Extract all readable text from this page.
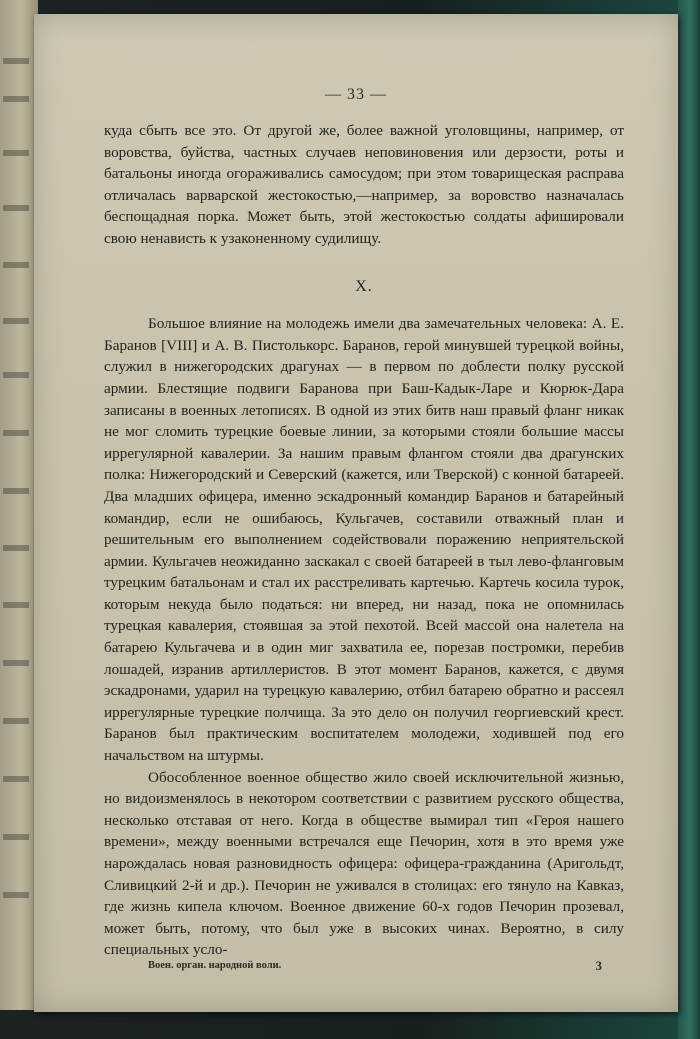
— 33 —

куда сбыть все это. От другой же, более важной уголовщины, например, от воровства, буйства, частных случаев неповиновения или дерзости, роты и батальоны иногда огораживались самосудом; при этом товарищеская расправа отличалась варварской жестокостью,—например, за воровство назначалась беспощадная порка. Может быть, этой жестокостью солдаты афишировали свою ненависть к узаконенному судилищу.

X.

Большое влияние на молодежь имели два замечательных человека: А. Е. Баранов [VIII] и А. В. Пистолькорс. Баранов, герой минувшей турецкой войны, служил в нижегородских драгунах — в первом по доблести полку русской армии. Блестящие подвиги Баранова при Баш-Кадык-Ларе и Кюрюк-Дара записаны в военных летописях. В одной из этих битв наш правый фланг никак не мог сломить турецкие боевые линии, за которыми стояли большие массы иррегулярной кавалерии. За нашим правым флангом стояли два драгунских полка: Нижегородский и Северский (кажется, или Тверской) с конной батареей. Два младших офицера, именно эскадронный командир Баранов и батарейный командир, если не ошибаюсь, Кульгачев, составили отважный план и решительным его выполнением содействовали поражению неприятельской армии. Кульгачев неожиданно заскакал с своей батареей в тыл лево-фланговым турецким батальонам и стал их расстреливать картечью. Картечь косила турок, которым некуда было податься: ни вперед, ни назад, пока не опомнилась турецкая кавалерия, стоявшая за этой пехотой. Всей массой она налетела на батарею Кульгачева и в один миг захватила ее, порезав постромки, перебив лошадей, изранив артиллеристов. В этот момент Баранов, кажется, с двумя эскадронами, ударил на турецкую кавалерию, отбил батарею обратно и рассеял иррегулярные турецкие полчища. За это дело он получил георгиевский крест. Баранов был практическим воспитателем молодежи, ходившей под его начальством на штурмы.

Обособленное военное общество жило своей исключительной жизнью, но видоизменялось в некотором соответствии с развитием русского общества, несколько отставая от него. Когда в обществе вымирал тип «Героя нашего времени», между военными встречался еще Печорин, хотя в это время уже нарождалась новая разновидность офицера: офицера-гражданина (Аригольдт, Сливицкий 2-й и др.). Печорин не уживался в столицах: его тянуло на Кавказ, где жизнь кипела ключом. Военное движение 60-х годов Печорин прозевал, может быть, потому, что был уже в высоких чинах. Вероятно, в силу специальных усло-

Воен. орган. народной воли.	3
